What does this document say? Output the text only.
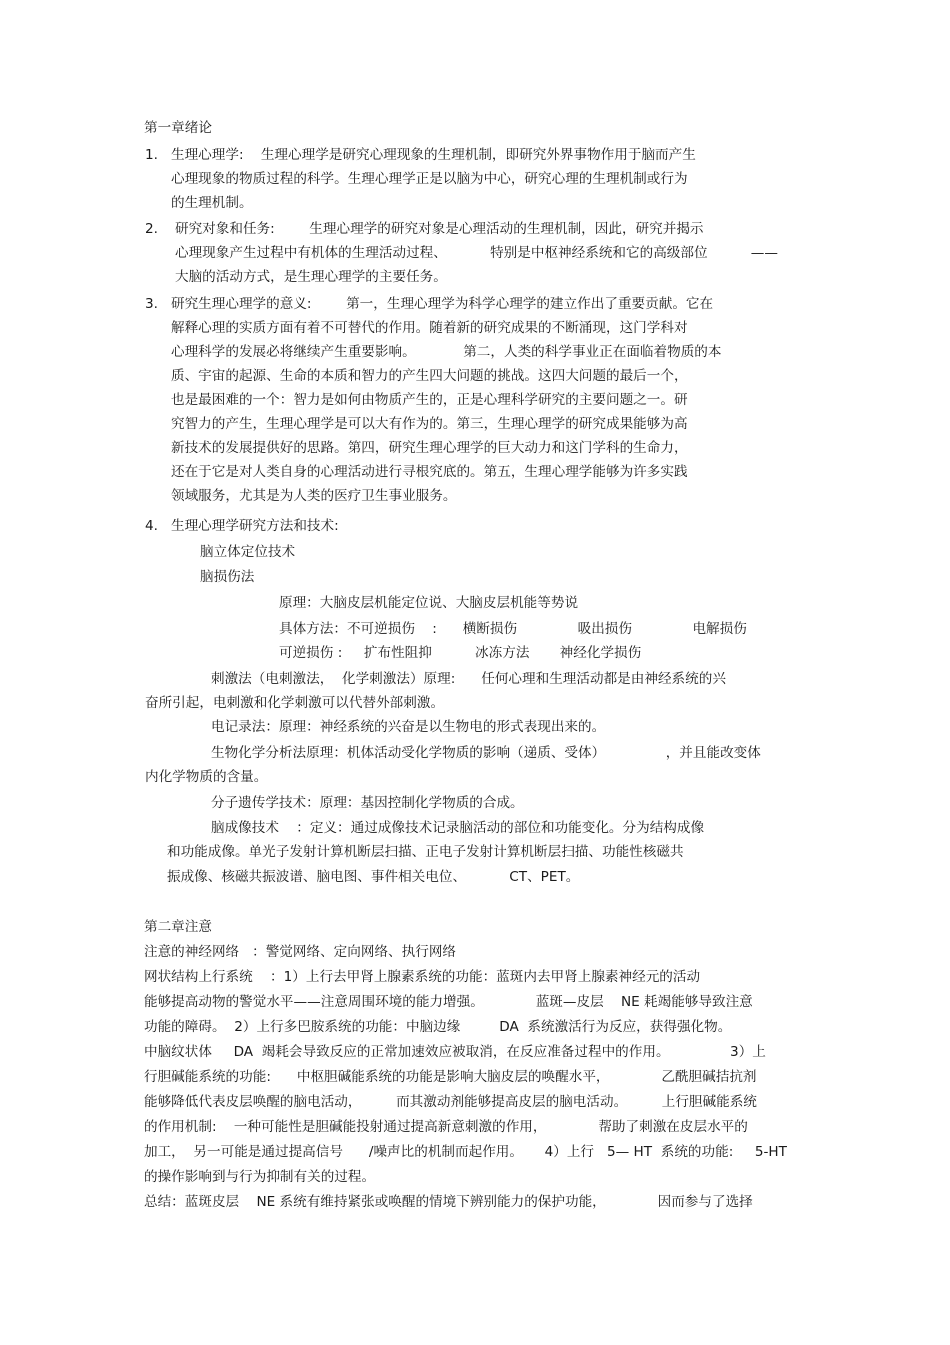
第一章绪论
1. 生理心理学:    生理心理学是研究心理现象的生理机制，即研究外界事物作用于脑而产生
心理现象的物质过程的科学。生理心理学正是以脑为中心，研究心理的生理机制或行为
的生理机制。
2. 研究对象和任务:        生理心理学的研究对象是心理活动的生理机制，因此，研究并揭示
心理现象产生过程中有机体的生理活动过程、          特别是中枢神经系统和它的高级部位          ——
大脑的活动方式，是生理心理学的主要任务。
3. 研究生理心理学的意义:        第一，生理心理学为科学心理学的建立作出了重要贡献。它在
解释心理的实质方面有着不可替代的作用。随着新的研究成果的不断涌现，这门学科对
心理科学的发展必将继续产生重要影响。           第二，人类的科学事业正在面临着物质的本
质、宇宙的起源、生命的本质和智力的产生四大问题的挑战。这四大问题的最后一个，
也是最困难的一个：智力是如何由物质产生的，正是心理科学研究的主要问题之一。研
究智力的产生，生理心理学是可以大有作为的。第三，生理心理学的研究成果能够为高
新技术的发展提供好的思路。第四，研究生理心理学的巨大动力和这门学科的生命力，
还在于它是对人类自身的心理活动进行寻根究底的。第五，生理心理学能够为许多实践
领域服务，尤其是为人类的医疗卫生事业服务。
4. 生理心理学研究方法和技术:
脑立体定位技术
脑损伤法
原理：大脑皮层机能定位说、大脑皮层机能等势说
具体方法：不可逆损伤    :      横断损伤              吸出损伤              电解损伤
可逆损伤 :     扩布性阻抑          冰冻方法       神经化学损伤
刺激法（电刺激法，  化学刺激法）原理:      任何心理和生理活动都是由神经系统的兴
奋所引起，电刺激和化学刺激可以代替外部刺激。
电记录法：原理：神经系统的兴奋是以生物电的形式表现出来的。
生物化学分析法原理：机体活动受化学物质的影响（递质、受体）              ，并且能改变体
内化学物质的含量。
分子遗传学技术：原理：基因控制化学物质的合成。
脑成像技术    ：定义：通过成像技术记录脑活动的部位和功能变化。分为结构成像
和功能成像。单光子发射计算机断层扫描、正电子发射计算机断层扫描、功能性核磁共
振成像、核磁共振波谱、脑电图、事件相关电位、          CT、PET。
第二章注意
注意的神经网络   ：警觉网络、定向网络、执行网络
网状结构上行系统    ：1）上行去甲肾上腺素系统的功能：蓝斑内去甲肾上腺素神经元的活动
能够提高动物的警觉水平——注意周围环境的能力增强。            蓝斑—皮层    NE 耗竭能够导致注意
功能的障碍。  2）上行多巴胺系统的功能：中脑边缘         DA  系统激活行为反应，获得强化物。
中脑纹状体     DA  竭耗会导致反应的正常加速效应被取消，在反应准备过程中的作用。              3）上
行胆碱能系统的功能:      中枢胆碱能系统的功能是影响大脑皮层的唤醒水平，            乙酰胆碱拮抗剂
能够降低代表皮层唤醒的脑电活动，        而其激动剂能够提高皮层的脑电活动。        上行胆碱能系统
的作用机制:    一种可能性是胆碱能投射通过提高新意刺激的作用，            帮助了刺激在皮层水平的
加工，  另一可能是通过提高信号      /噪声比的机制而起作用。     4）上行   5— HT  系统的功能:     5-HT
的操作影响到与行为抑制有关的过程。
总结：蓝斑皮层    NE 系统有维持紧张或唤醒的情境下辨别能力的保护功能，            因而参与了选择
